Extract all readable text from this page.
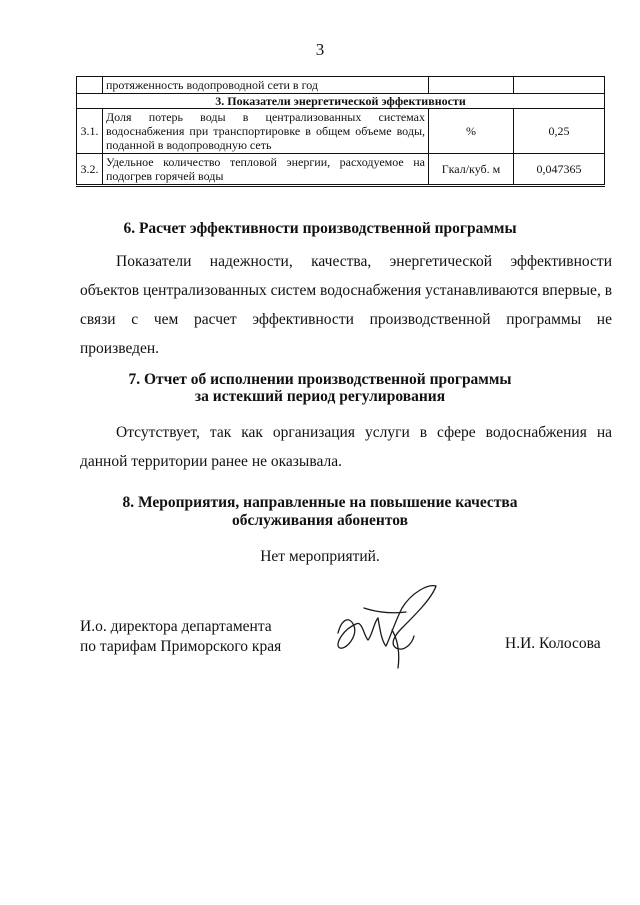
3
	протяженность водопроводной сети в год		
3. Показатели энергетической эффективности			
3.1.	Доля потерь воды в централизованных системах водоснабжения при транспортировке в общем объеме воды, поданной в водопроводную сеть	%	0,25
3.2.	Удельное количество тепловой энергии, расходуемое на подогрев горячей воды	Гкал/куб. м	0,047365
6. Расчет эффективности производственной программы

Показатели надежности, качества, энергетической эффективности объектов централизованных систем водоснабжения устанавливаются впервые, в связи с чем расчет эффективности производственной программы не произведен.

7. Отчет об исполнении производственной программы
за истекший период регулирования

Отсутствует, так как организация услуги в сфере водоснабжения на данной территории ранее не оказывала.

8. Мероприятия, направленные на повышение качества
обслуживания абонентов
Нет мероприятий.
И.о. директора департамента
по тарифам Приморского края	Н.И. Колосова
